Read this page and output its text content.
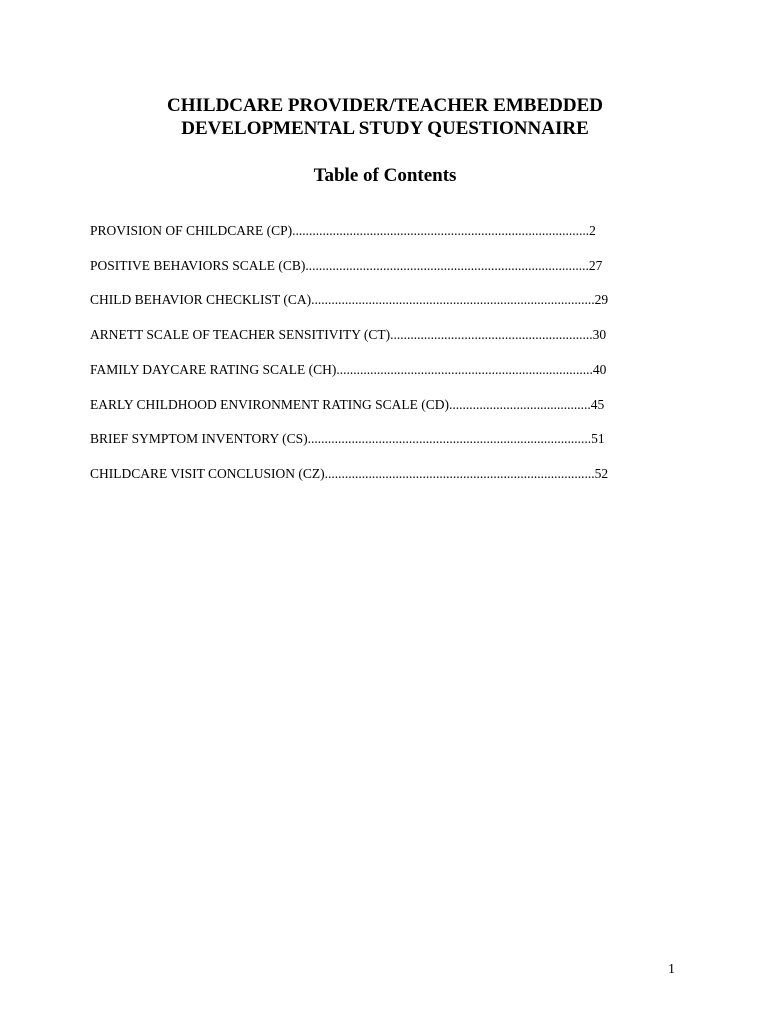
CHILDCARE PROVIDER/TEACHER EMBEDDED
DEVELOPMENTAL STUDY QUESTIONNAIRE
Table of Contents
PROVISION OF CHILDCARE (CP)........................................................................................2
POSITIVE BEHAVIORS SCALE (CB)....................................................................................27
CHILD BEHAVIOR CHECKLIST (CA)....................................................................................29
ARNETT SCALE OF TEACHER SENSITIVITY (CT)............................................................30
FAMILY DAYCARE RATING SCALE (CH)............................................................................40
EARLY CHILDHOOD ENVIRONMENT RATING SCALE (CD)..........................................45
BRIEF SYMPTOM INVENTORY (CS)....................................................................................51
CHILDCARE VISIT CONCLUSION (CZ)................................................................................52
1
